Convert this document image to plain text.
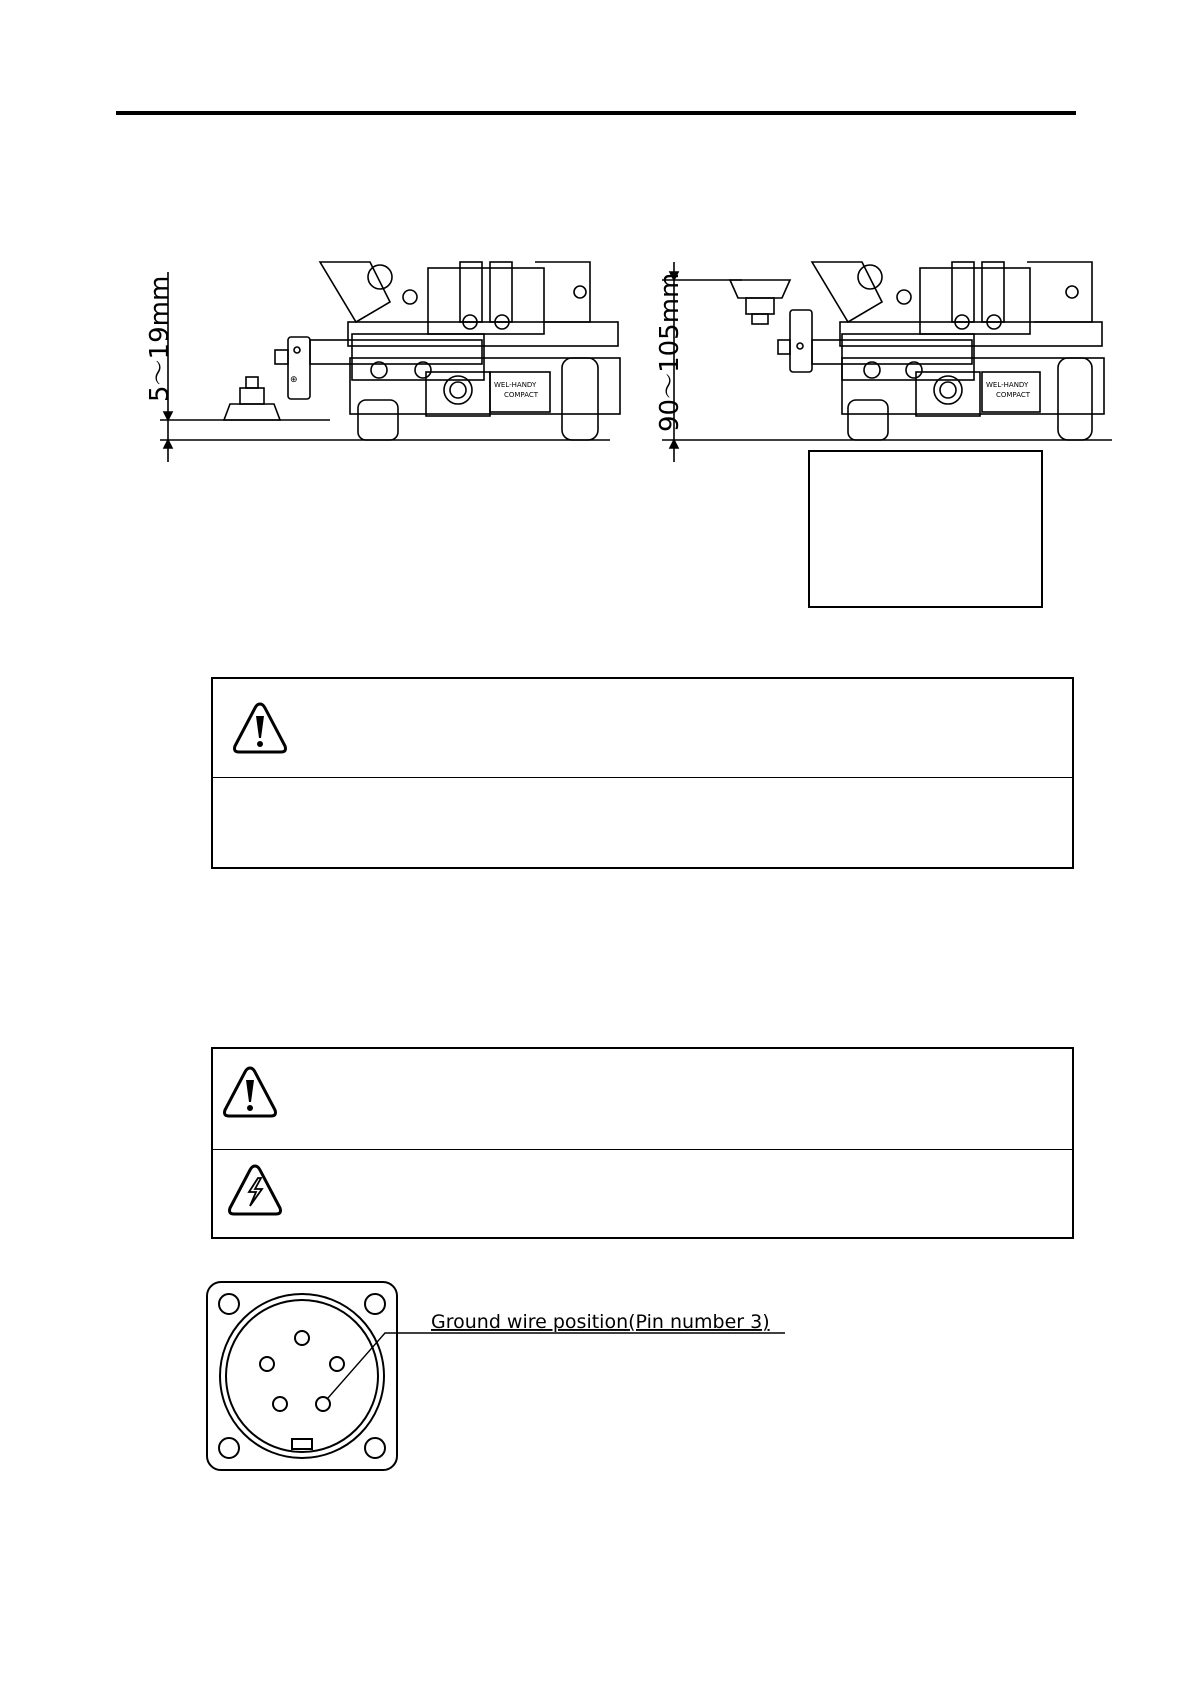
WEL-HANDY
COMPACT
⊕
5～19mm	WEL-HANDY
COMPACT
90～105mm
Ground wire position(Pin number 3)
